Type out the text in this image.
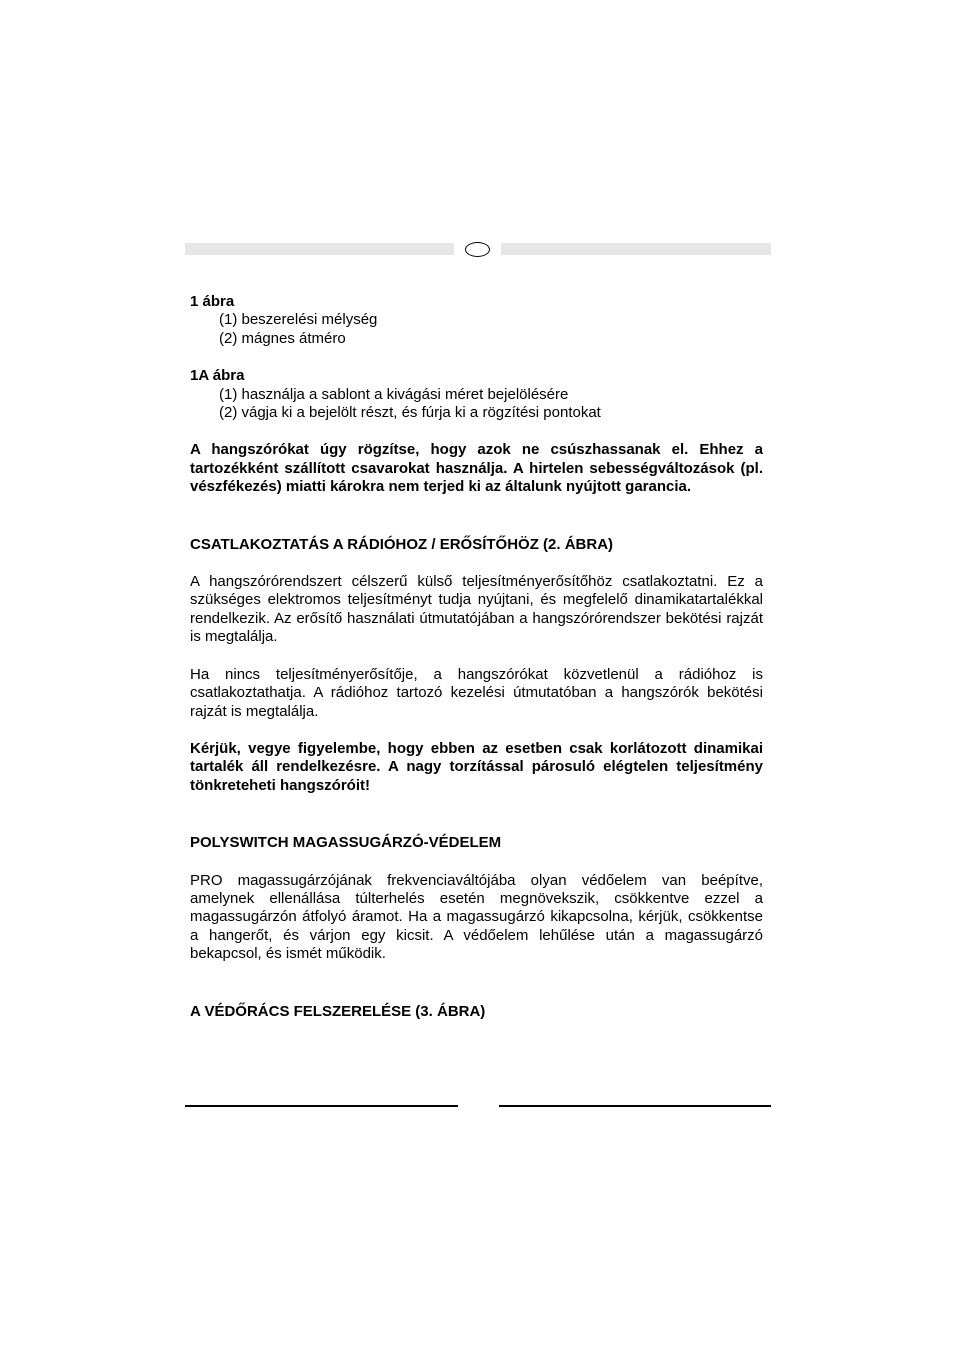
1 ábra

(1) beszerelési mélység
(2) mágnes átméro

1A ábra

(1) használja a sablont a kivágási méret bejelölésére
(2) vágja ki a bejelölt részt, és fúrja ki a rögzítési pontokat

A hangszórókat úgy rögzítse, hogy azok ne csúszhassanak el. Ehhez a tartozékként szállított csavarokat használja. A hirtelen sebességváltozások (pl. vészfékezés) miatti károkra nem terjed ki az általunk nyújtott garancia.

CSATLAKOZTATÁS A RÁDIÓHOZ / ERŐSÍTŐHÖZ (2. ÁBRA)

A hangszórórendszert célszerű külső teljesítményerősítőhöz csatlakoztatni. Ez a szükséges elektromos teljesítményt tudja nyújtani, és megfelelő dinamikatartalékkal rendelkezik. Az erősítő használati útmutatójában a hangszórórendszer bekötési rajzát is megtalálja.

Ha nincs teljesítményerősítője, a hangszórókat közvetlenül a rádióhoz is csatlakoztathatja. A rádióhoz tartozó kezelési útmutatóban a hangszórók bekötési rajzát is megtalálja.

Kérjük, vegye figyelembe, hogy ebben az esetben csak korlátozott dinamikai tartalék áll rendelkezésre. A nagy torzítással párosuló elégtelen teljesítmény tönkreteheti hangszóróit!

POLYSWITCH MAGASSUGÁRZÓ-VÉDELEM

PRO magassugárzójának frekvenciaváltójába olyan védőelem van beépítve, amelynek ellenállása túlterhelés esetén megnövekszik, csökkentve ezzel a magassugárzón átfolyó áramot. Ha a magassugárzó kikapcsolna, kérjük, csökkentse a hangerőt, és várjon egy kicsit. A védőelem lehűlése után a magassugárzó bekapcsol, és ismét működik.

A VÉDŐRÁCS FELSZERELÉSE (3. ÁBRA)
